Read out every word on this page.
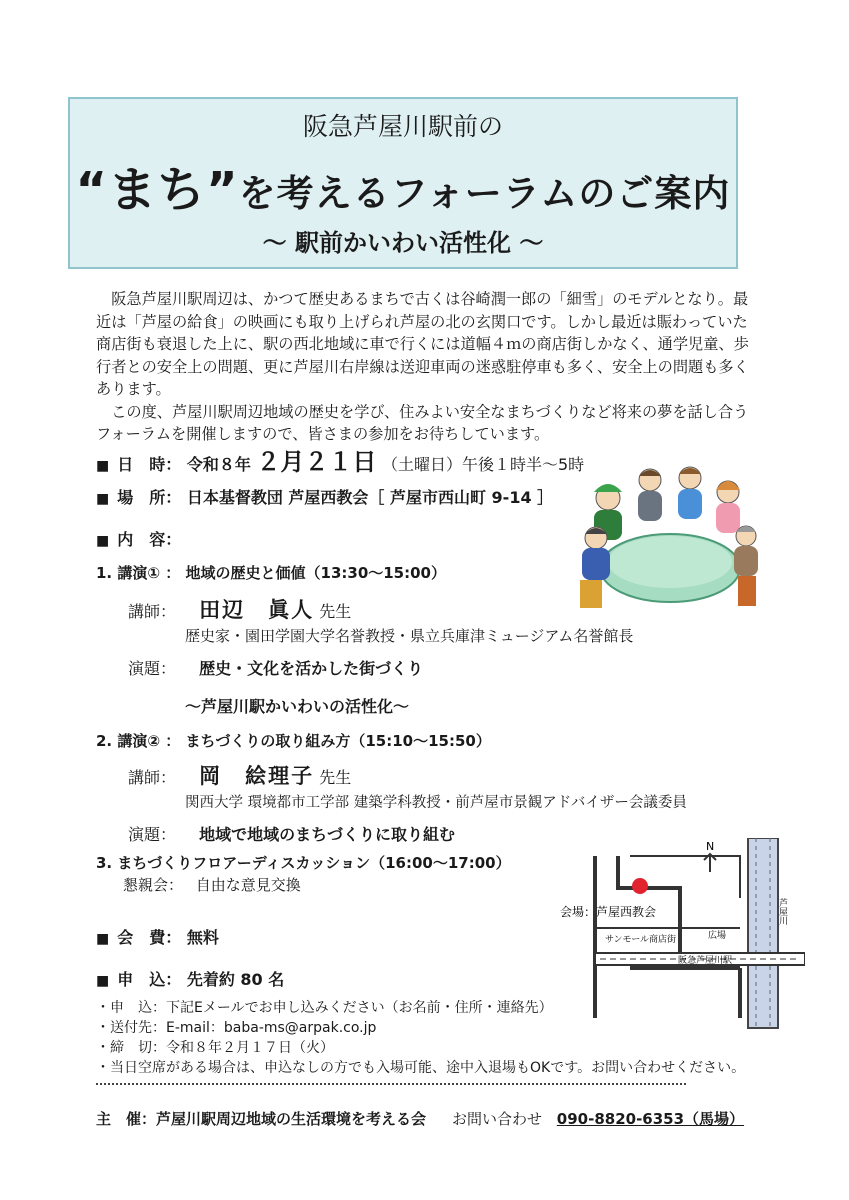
阪急芦屋川駅前の
“まち”を考えるフォーラムのご案内
～ 駅前かいわい活性化 ～

阪急芦屋川駅周辺は、かつて歴史あるまちで古くは谷崎潤一郎の「細雪」のモデルとなり。最近は「芦屋の給食」の映画にも取り上げられ芦屋の北の玄関口です。しかし最近は賑わっていた商店街も衰退した上に、駅の西北地域に車で行くには道幅４ｍの商店街しかなく、通学児童、歩行者との安全上の問題、更に芦屋川右岸線は送迎車両の迷惑駐停車も多く、安全上の問題も多くあります。

この度、芦屋川駅周辺地域の歴史を学び、住みよい安全なまちづくりなど将来の夢を話し合うフォーラムを開催しますので、皆さまの参加をお待ちしています。

■ 日　時： 令和８年 ２月２１日 （土曜日）午後１時半～5時
■ 場　所： 日本基督教団 芦屋西教会［ 芦屋市西山町 9-14 ］
■ 内　容：
1. 講演① ： 地域の歴史と価値（13:30～15:00）
講師： 田辺　眞人 先生
歴史家・園田学園大学名誉教授・県立兵庫津ミュージアム名誉館長
演題： 歴史・文化を活かした街づくり
～芦屋川駅かいわいの活性化～
2. 講演② ： まちづくりの取り組み方（15:10～15:50）
講師： 岡　絵理子 先生
関西大学 環境都市工学部 建築学科教授・前芦屋市景観アドバイザー会議委員
演題： 地域で地域のまちづくりに取り組む
3. まちづくりフロアーディスカッション（16:00～17:00）
懇親会： 自由な意見交換
■ 会　費： 無料
■ 申　込： 先着約 80 名
・申　込：下記Eメールでお申し込みください（お名前・住所・連絡先）
・送付先：E-mail：baba-ms@arpak.co.jp
・締　切：令和８年２月１７日（火）
・当日空席がある場合は、申込なしの方でも入場可能、途中入退場もOKです。お問い合わせください。
主　催：芦屋川駅周辺地域の生活環境を考える会 お問い合わせ 090-8820-6353（馬場）
N
会場：芦屋西教会
サンモール商店街	広場
阪急芦屋川駅
芦屋川
